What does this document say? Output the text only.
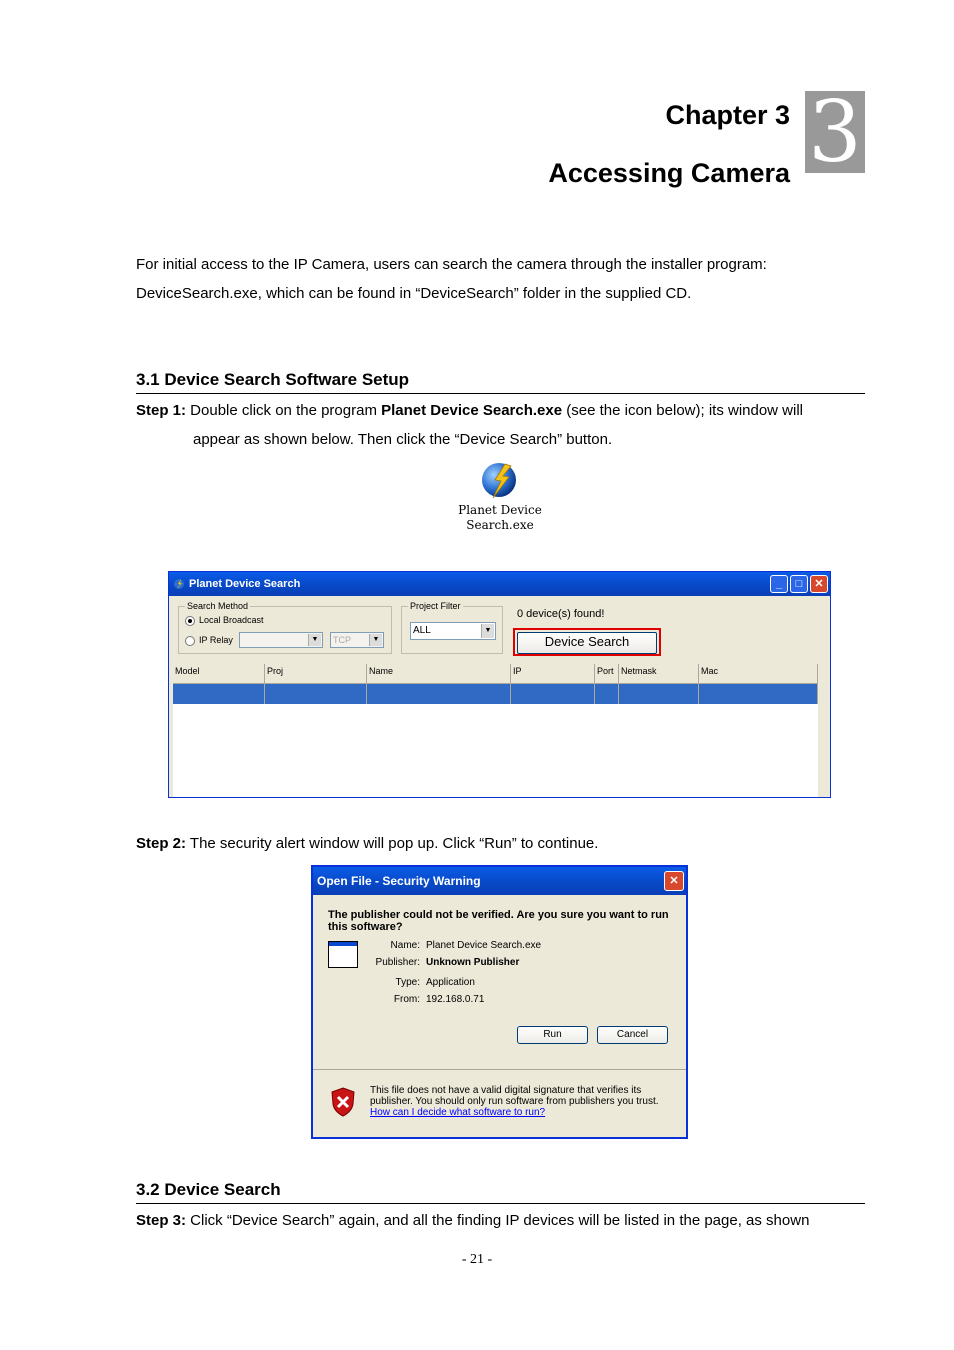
Chapter 3
Accessing Camera 3
For initial access to the IP Camera, users can search the camera through the installer program:
DeviceSearch.exe, which can be found in “DeviceSearch” folder in the supplied CD.
3.1 Device Search Software Setup
Step 1: Double click on the program Planet Device Search.exe (see the icon below); its window will
appear as shown below. Then click the “Device Search” button.
Planet Device
Search.exe
Planet Device Search	_	□	✕
Search Method
Local Broadcast
IP Relay	▼	TCP	▼
Project Filter
ALL	▼
0 device(s) found!
Device Search
Model	Proj	Name	IP	Port Netmask	Mac
Step 2: The security alert window will pop up. Click “Run” to continue.
Open File - Security Warning	✕
The publisher could not be verified. Are you sure you want to run this software?
Name: Planet Device Search.exe
Publisher: Unknown Publisher
Type: Application
From: 192.168.0.71
Run	Cancel
This file does not have a valid digital signature that verifies its
publisher. You should only run software from publishers you trust.
How can I decide what software to run?
3.2 Device Search
Step 3: Click “Device Search” again, and all the finding IP devices will be listed in the page, as shown
- 21 -
